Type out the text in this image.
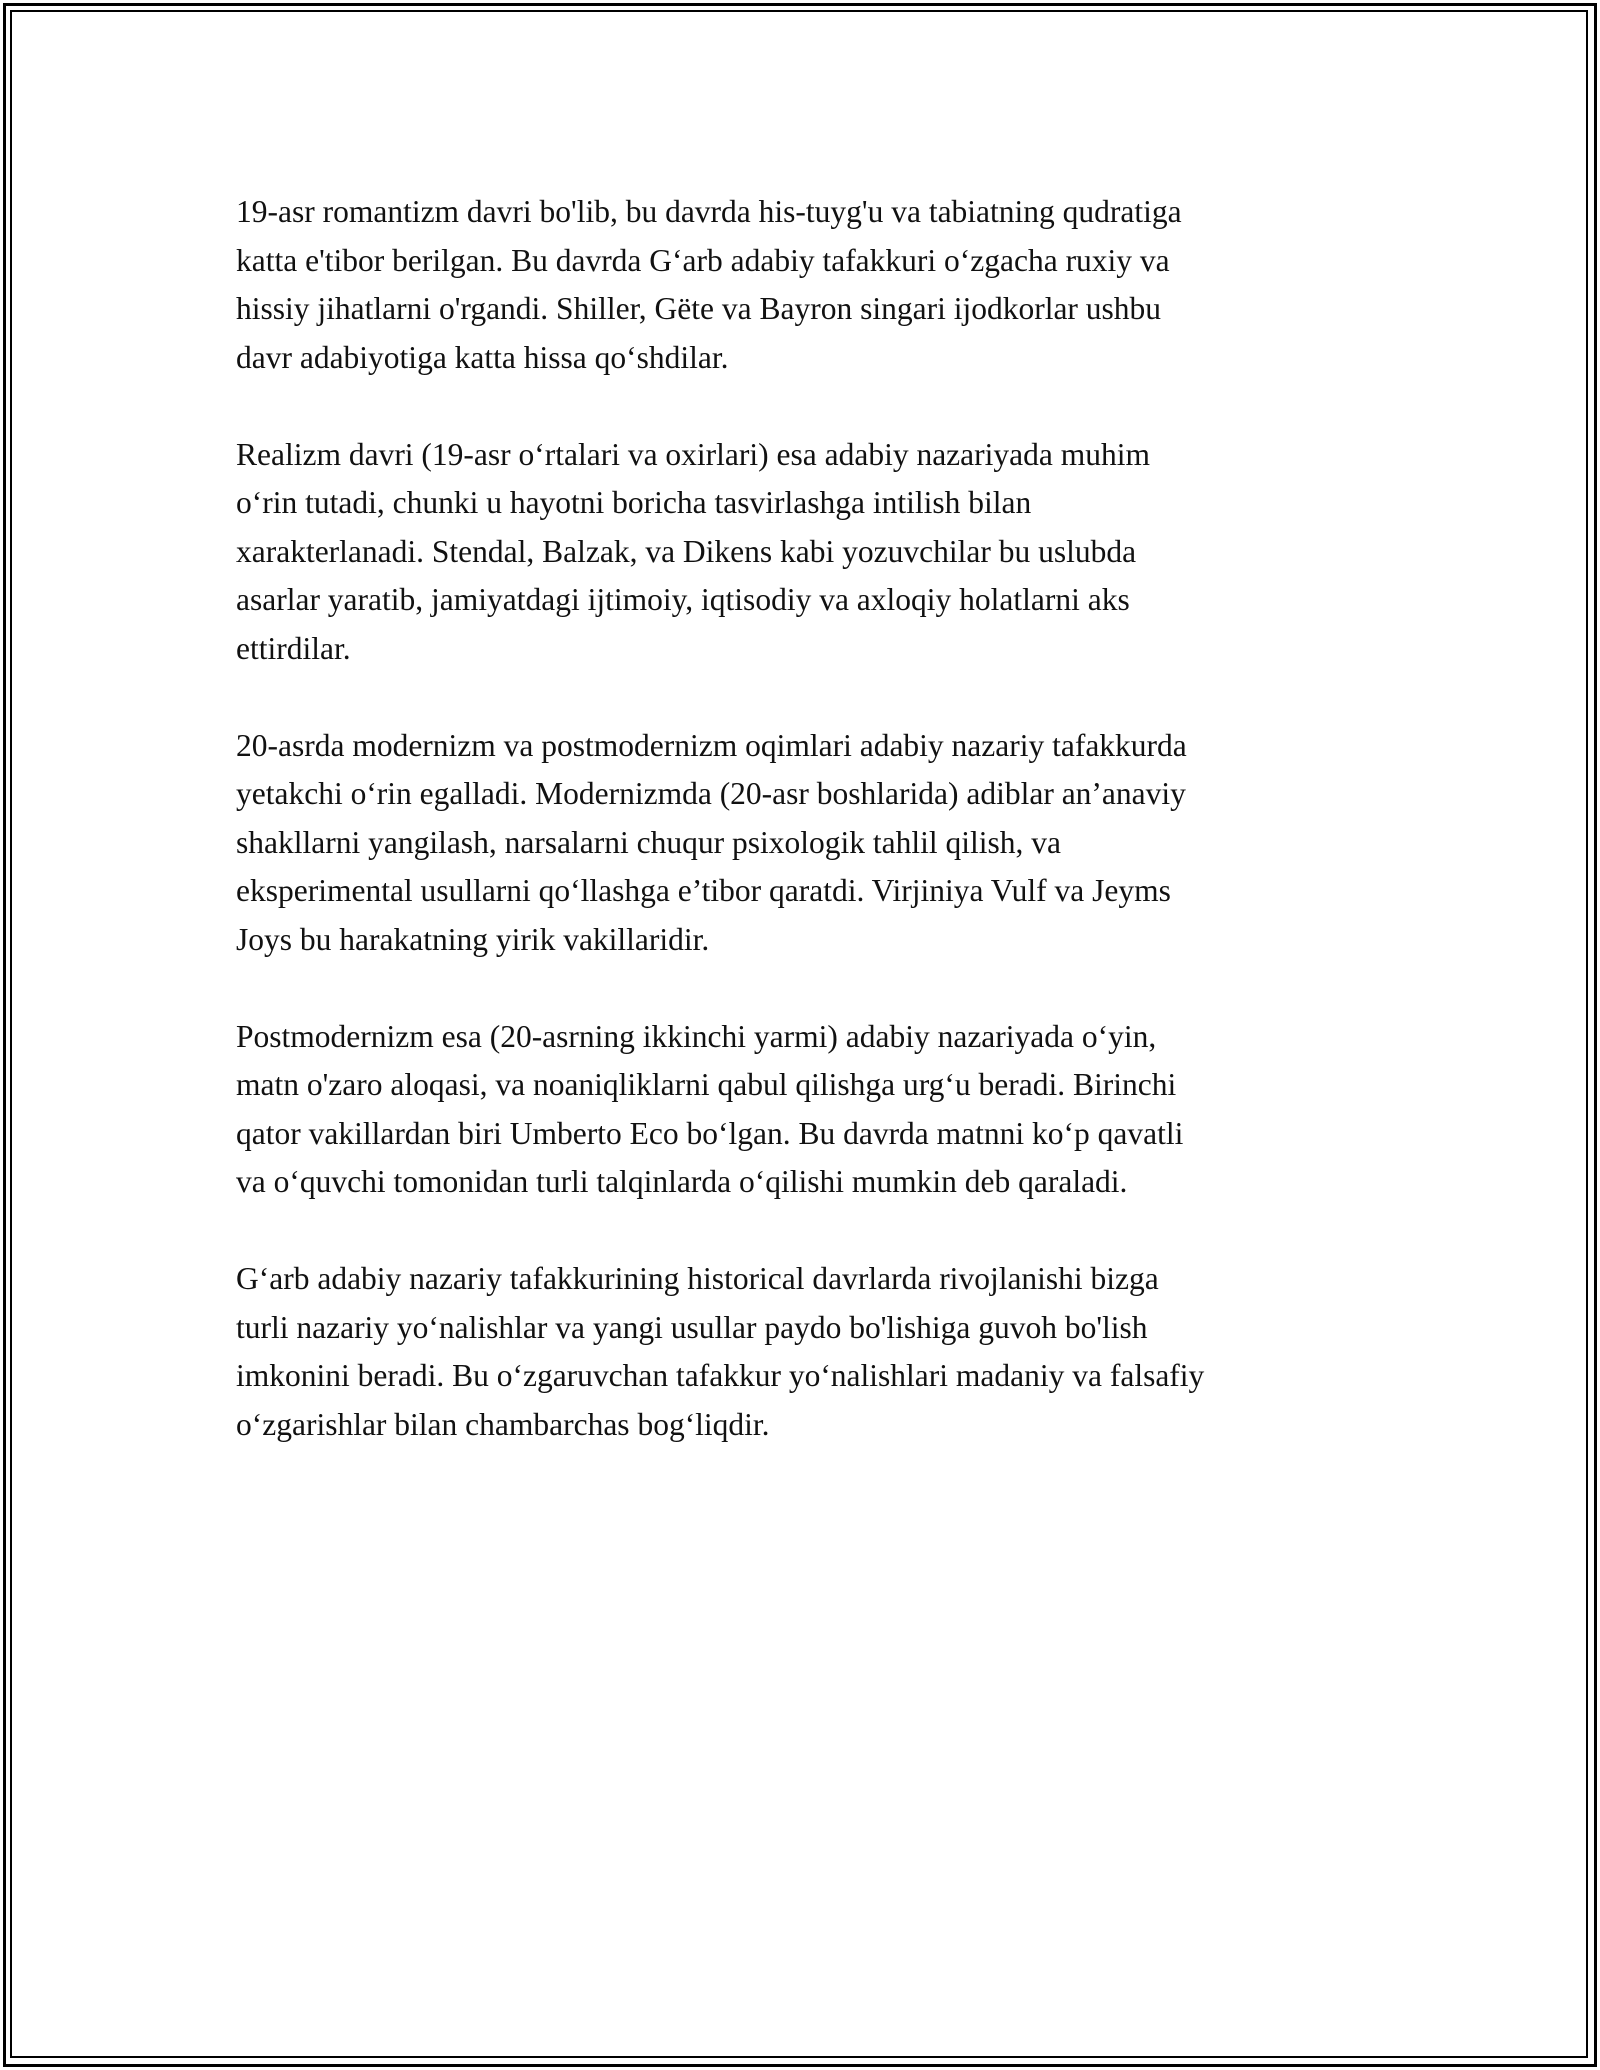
19-asr romantizm davri bo'lib, bu davrda his-tuyg'u va tabiatning qudratiga
katta e'tibor berilgan. Bu davrda G‘arb adabiy tafakkuri o‘zgacha ruxiy va
hissiy jihatlarni o'rgandi. Shiller, Gëte va Bayron singari ijodkorlar ushbu
davr adabiyotiga katta hissa qo‘shdilar.

Realizm davri (19-asr o‘rtalari va oxirlari) esa adabiy nazariyada muhim
o‘rin tutadi, chunki u hayotni boricha tasvirlashga intilish bilan
xarakterlanadi. Stendal, Balzak, va Dikens kabi yozuvchilar bu uslubda
asarlar yaratib, jamiyatdagi ijtimoiy, iqtisodiy va axloqiy holatlarni aks
ettirdilar.

20-asrda modernizm va postmodernizm oqimlari adabiy nazariy tafakkurda
yetakchi o‘rin egalladi. Modernizmda (20-asr boshlarida) adiblar an’anaviy
shakllarni yangilash, narsalarni chuqur psixologik tahlil qilish, va
eksperimental usullarni qo‘llashga e’tibor qaratdi. Virjiniya Vulf va Jeyms
Joys bu harakatning yirik vakillaridir.

Postmodernizm esa (20-asrning ikkinchi yarmi) adabiy nazariyada o‘yin,
matn o'zaro aloqasi, va noaniqliklarni qabul qilishga urg‘u beradi. Birinchi
qator vakillardan biri Umberto Eco bo‘lgan. Bu davrda matnni ko‘p qavatli
va o‘quvchi tomonidan turli talqinlarda o‘qilishi mumkin deb qaraladi.

G‘arb adabiy nazariy tafakkurining historical davrlarda rivojlanishi bizga
turli nazariy yo‘nalishlar va yangi usullar paydo bo'lishiga guvoh bo'lish
imkonini beradi. Bu o‘zgaruvchan tafakkur yo‘nalishlari madaniy va falsafiy
o‘zgarishlar bilan chambarchas bog‘liqdir.
